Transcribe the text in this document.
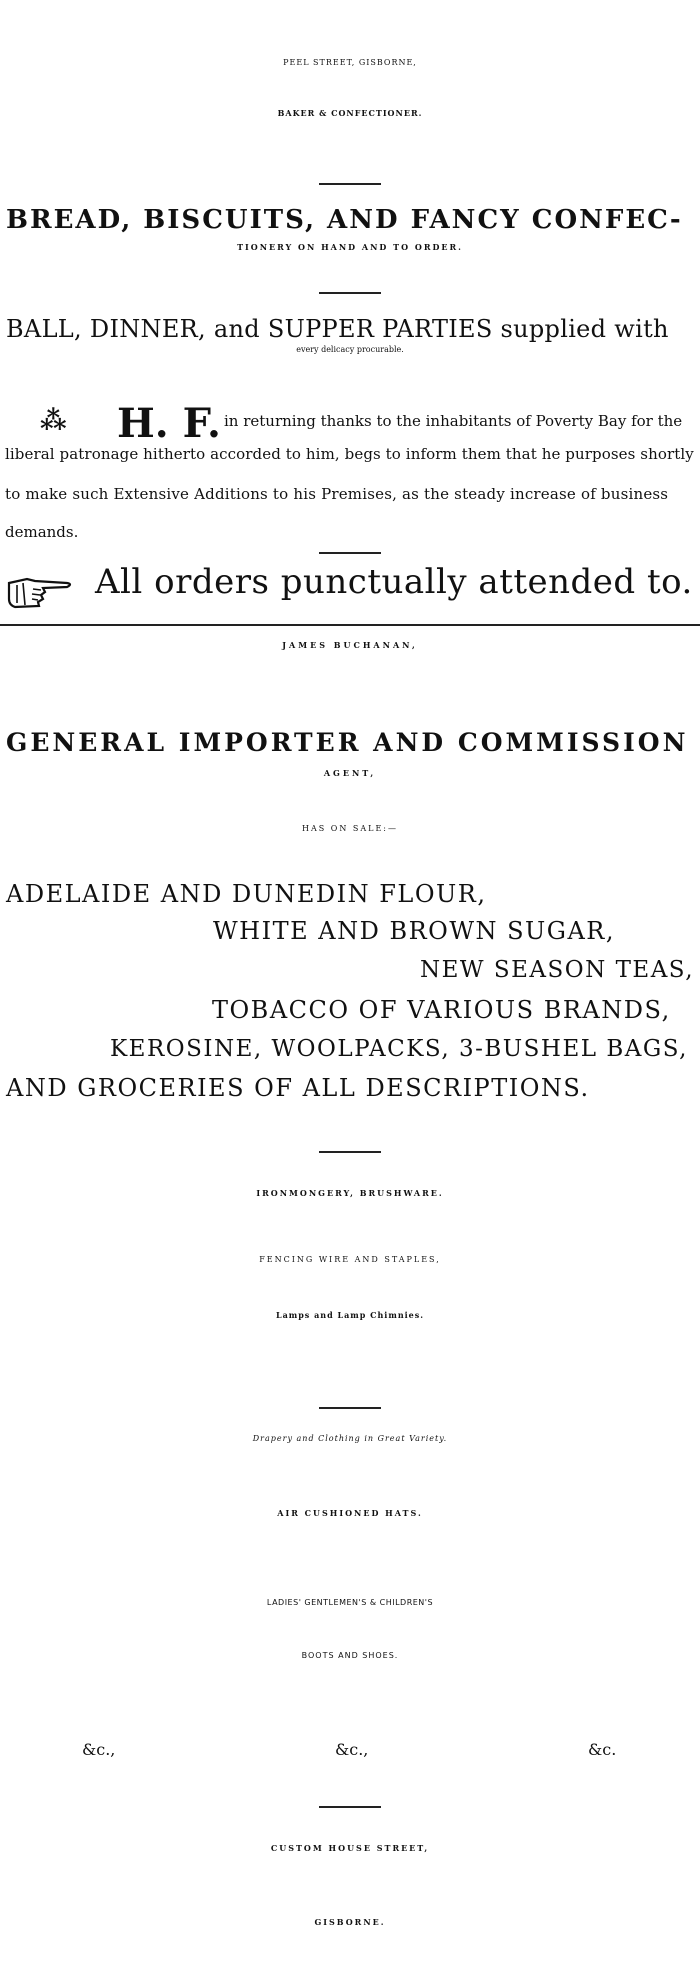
PEEL STREET, GISBORNE,
BAKER & CONFECTIONER.
BREAD, BISCUITS, AND FANCY CONFEC-
TIONERY ON HAND AND TO ORDER.
BALL, DINNER, and SUPPER PARTIES supplied with
every delicacy procurable.
⁂ H. F. in returning thanks to the inhabitants of Poverty Bay for the
liberal patronage hitherto accorded to him, begs to inform them that he purposes shortly
to make such Extensive Additions to his Premises, as the steady increase of business
demands.
All orders punctually attended to.
JAMES BUCHANAN,
GENERAL IMPORTER AND COMMISSION
AGENT,
HAS ON SALE:—
ADELAIDE AND DUNEDIN FLOUR,
WHITE AND BROWN SUGAR,
NEW SEASON TEAS,
TOBACCO OF VARIOUS BRANDS,
KEROSINE, WOOLPACKS, 3-BUSHEL BAGS,
AND GROCERIES OF ALL DESCRIPTIONS.
IRONMONGERY, BRUSHWARE.
FENCING WIRE AND STAPLES,
Lamps and Lamp Chimnies.
Drapery and Clothing in Great Variety.
AIR CUSHIONED HATS.
LADIES' GENTLEMEN'S & CHILDREN'S
BOOTS AND SHOES.
&c.,	&c.,	&c.
CUSTOM HOUSE STREET,
GISBORNE.
